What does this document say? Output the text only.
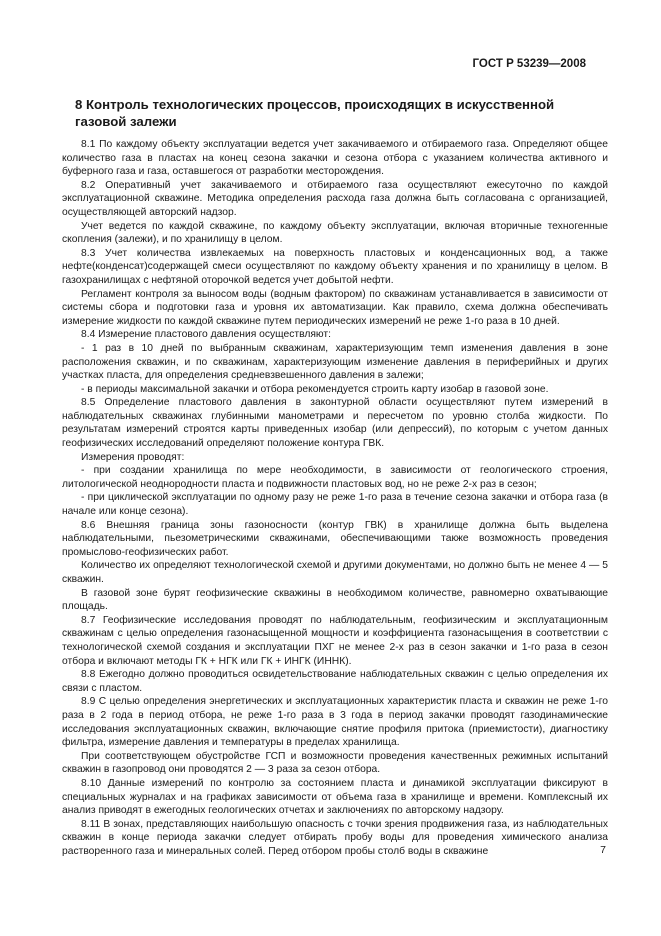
ГОСТ Р 53239—2008
8 Контроль технологических процессов, происходящих в искусственной газовой залежи

8.1 По каждому объекту эксплуатации ведется учет закачиваемого и отбираемого газа. Определяют общее количество газа в пластах на конец сезона закачки и сезона отбора с указанием количества активного и буферного газа и газа, оставшегося от разработки месторождения.

8.2 Оперативный учет закачиваемого и отбираемого газа осуществляют ежесуточно по каждой эксплуатационной скважине. Методика определения расхода газа должна быть согласована с организацией, осуществляющей авторский надзор.

Учет ведется по каждой скважине, по каждому объекту эксплуатации, включая вторичные техногенные скопления (залежи), и по хранилищу в целом.

8.3 Учет количества извлекаемых на поверхность пластовых и конденсационных вод, а также нефте(конденсат)содержащей смеси осуществляют по каждому объекту хранения и по хранилищу в целом. В газохранилищах с нефтяной оторочкой ведется учет добытой нефти.

Регламент контроля за выносом воды (водным фактором) по скважинам устанавливается в зависимости от системы сбора и подготовки газа и уровня их автоматизации. Как правило, схема должна обеспечивать измерение жидкости по каждой скважине путем периодических измерений не реже 1-го раза в 10 дней.

8.4 Измерение пластового давления осуществляют:

- 1 раз в 10 дней по выбранным скважинам, характеризующим темп изменения давления в зоне расположения скважин, и по скважинам, характеризующим изменение давления в периферийных и других участках пласта, для определения средневзвешенного давления в залежи;

- в периоды максимальной закачки и отбора рекомендуется строить карту изобар в газовой зоне.

8.5 Определение пластового давления в законтурной области осуществляют путем измерений в наблюдательных скважинах глубинными манометрами и пересчетом по уровню столба жидкости. По результатам измерений строятся карты приведенных изобар (или депрессий), по которым с учетом данных геофизических исследований определяют положение контура ГВК.

Измерения проводят:

- при создании хранилища по мере необходимости, в зависимости от геологического строения, литологической неоднородности пласта и подвижности пластовых вод, но не реже 2-х раз в сезон;

- при циклической эксплуатации по одному разу не реже 1-го раза в течение сезона закачки и отбора газа (в начале или конце сезона).

8.6 Внешняя граница зоны газоносности (контур ГВК) в хранилище должна быть выделена наблюдательными, пьезометрическими скважинами, обеспечивающими также возможность проведения промыслово-геофизических работ.

Количество их определяют технологической схемой и другими документами, но должно быть не менее 4 — 5 скважин.

В газовой зоне бурят геофизические скважины в необходимом количестве, равномерно охватывающие площадь.

8.7 Геофизические исследования проводят по наблюдательным, геофизическим и эксплуатационным скважинам с целью определения газонасыщенной мощности и коэффициента газонасыщения в соответствии с технологической схемой создания и эксплуатации ПХГ не менее 2-х раз в сезон закачки и 1-го раза в сезон отбора и включают методы ГК + НГК или ГК + ИНГК (ИННК).

8.8 Ежегодно должно проводиться освидетельствование наблюдательных скважин с целью определения их связи с пластом.

8.9 С целью определения энергетических и эксплуатационных характеристик пласта и скважин не реже 1-го раза в 2 года в период отбора, не реже 1-го раза в 3 года в период закачки проводят газодинамические исследования эксплуатационных скважин, включающие снятие профиля притока (приемистости), диагностику фильтра, измерение давления и температуры в пределах хранилища.

При соответствующем обустройстве ГСП и возможности проведения качественных режимных испытаний скважин в газопровод они проводятся 2 — 3 раза за сезон отбора.

8.10 Данные измерений по контролю за состоянием пласта и динамикой эксплуатации фиксируют в специальных журналах и на графиках зависимости от объема газа в хранилище и времени. Комплексный их анализ приводят в ежегодных геологических отчетах и заключениях по авторскому надзору.

8.11 В зонах, представляющих наибольшую опасность с точки зрения продвижения газа, из наблюдательных скважин в конце периода закачки следует отбирать пробу воды для проведения химического анализа растворенного газа и минеральных солей. Перед отбором пробы столб воды в скважине	7
